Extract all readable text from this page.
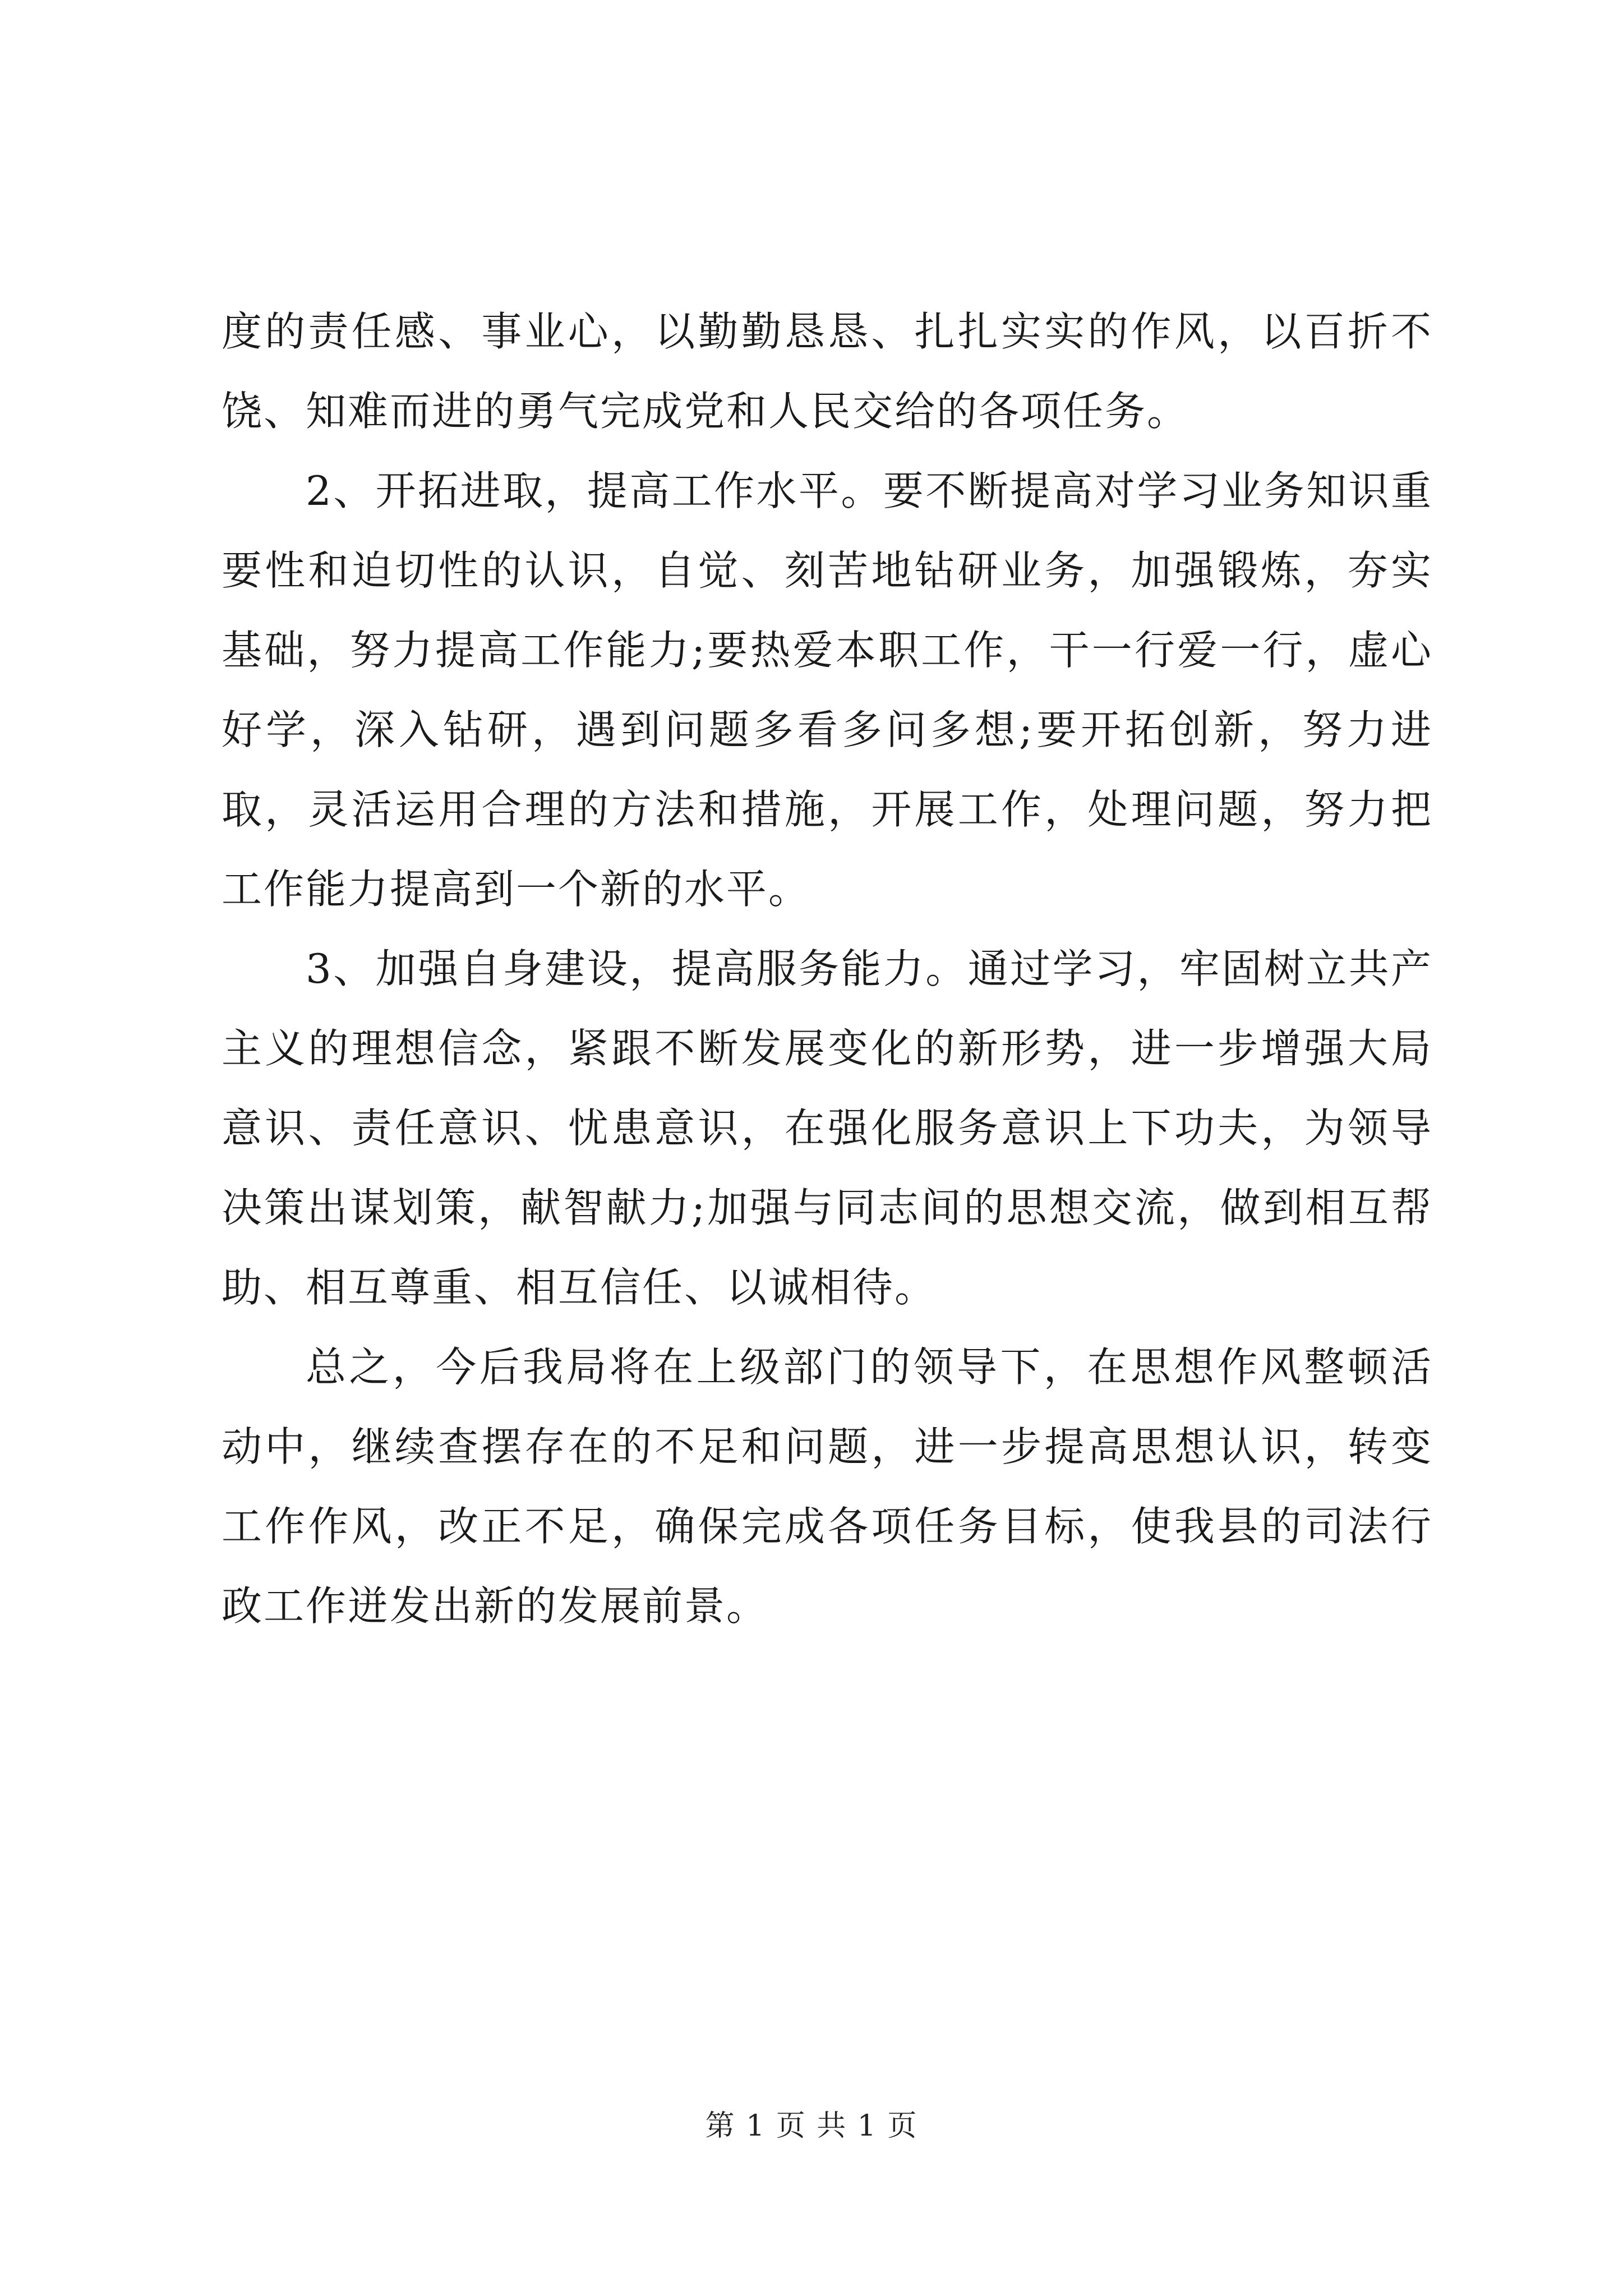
度的责任感、事业心，以勤勤恳恳、扎扎实实的作风，以百折不饶、知难而进的勇气完成党和人民交给的各项任务。

2、开拓进取，提高工作水平。要不断提高对学习业务知识重要性和迫切性的认识，自觉、刻苦地钻研业务，加强锻炼，夯实基础，努力提高工作能力;要热爱本职工作，干一行爱一行，虚心好学，深入钻研，遇到问题多看多问多想;要开拓创新，努力进取，灵活运用合理的方法和措施，开展工作，处理问题，努力把工作能力提高到一个新的水平。

3、加强自身建设，提高服务能力。通过学习，牢固树立共产主义的理想信念，紧跟不断发展变化的新形势，进一步增强大局意识、责任意识、忧患意识，在强化服务意识上下功夫，为领导决策出谋划策，献智献力;加强与同志间的思想交流，做到相互帮助、相互尊重、相互信任、以诚相待。

总之，今后我局将在上级部门的领导下，在思想作风整顿活动中，继续查摆存在的不足和问题，进一步提高思想认识，转变工作作风，改正不足，确保完成各项任务目标，使我县的司法行政工作迸发出新的发展前景。

第 1 页 共 1 页
